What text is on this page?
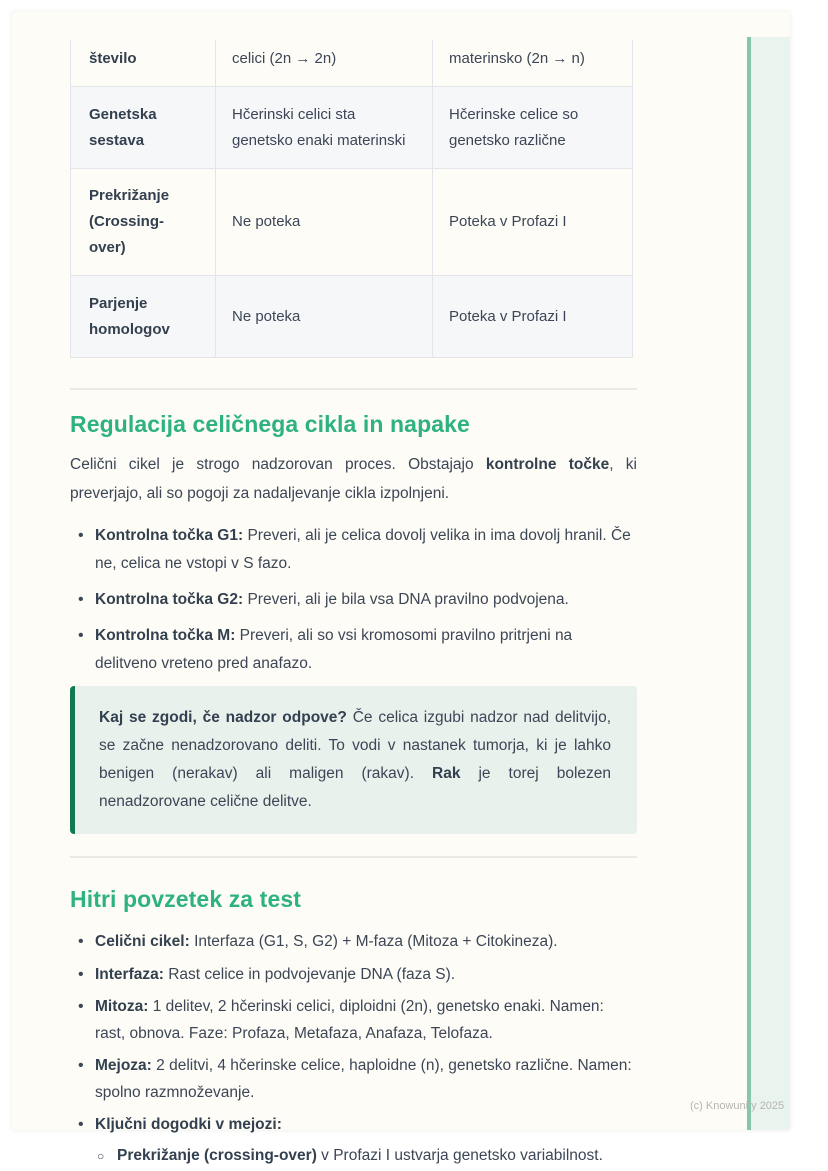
število	celici (2n → 2n)	materinsko (2n → n)
Genetska sestava	Hčerinski celici sta genetsko enaki materinski	Hčerinske celice so genetsko različne
Prekrižanje (Crossing-over)	Ne poteka	Poteka v Profazi I
Parjenje homologov	Ne poteka	Poteka v Profazi I
Regulacija celičnega cikla in napake

Celični cikel je strogo nadzorovan proces. Obstajajo kontrolne točke, ki preverjajo, ali so pogoji za nadaljevanje cikla izpolnjeni.

• Kontrolna točka G1: Preveri, ali je celica dovolj velika in ima dovolj hranil. Če ne, celica ne vstopi v S fazo.
• Kontrolna točka G2: Preveri, ali je bila vsa DNA pravilno podvojena.
• Kontrolna točka M: Preveri, ali so vsi kromosomi pravilno pritrjeni na delitveno vreteno pred anafazo.
Kaj se zgodi, če nadzor odpove? Če celica izgubi nadzor nad delitvijo, se začne nenadzorovano deliti. To vodi v nastanek tumorja, ki je lahko benigen (nerakav) ali maligen (rakav). Rak je torej bolezen nenadzorovane celične delitve.
Hitri povzetek za test
• Celični cikel: Interfaza (G1, S, G2) + M-faza (Mitoza + Citokineza).
• Interfaza: Rast celice in podvojevanje DNA (faza S).
• Mitoza: 1 delitev, 2 hčerinski celici, diploidni (2n), genetsko enaki. Namen: rast, obnova. Faze: Profaza, Metafaza, Anafaza, Telofaza.
• Mejoza: 2 delitvi, 4 hčerinske celice, haploidne (n), genetsko različne. Namen: spolno razmnoževanje.
• Ključni dogodki v mejozi:
○ Prekrižanje (crossing-over) v Profazi I ustvarja genetsko variabilnost.
(c) Knowunity 2025
